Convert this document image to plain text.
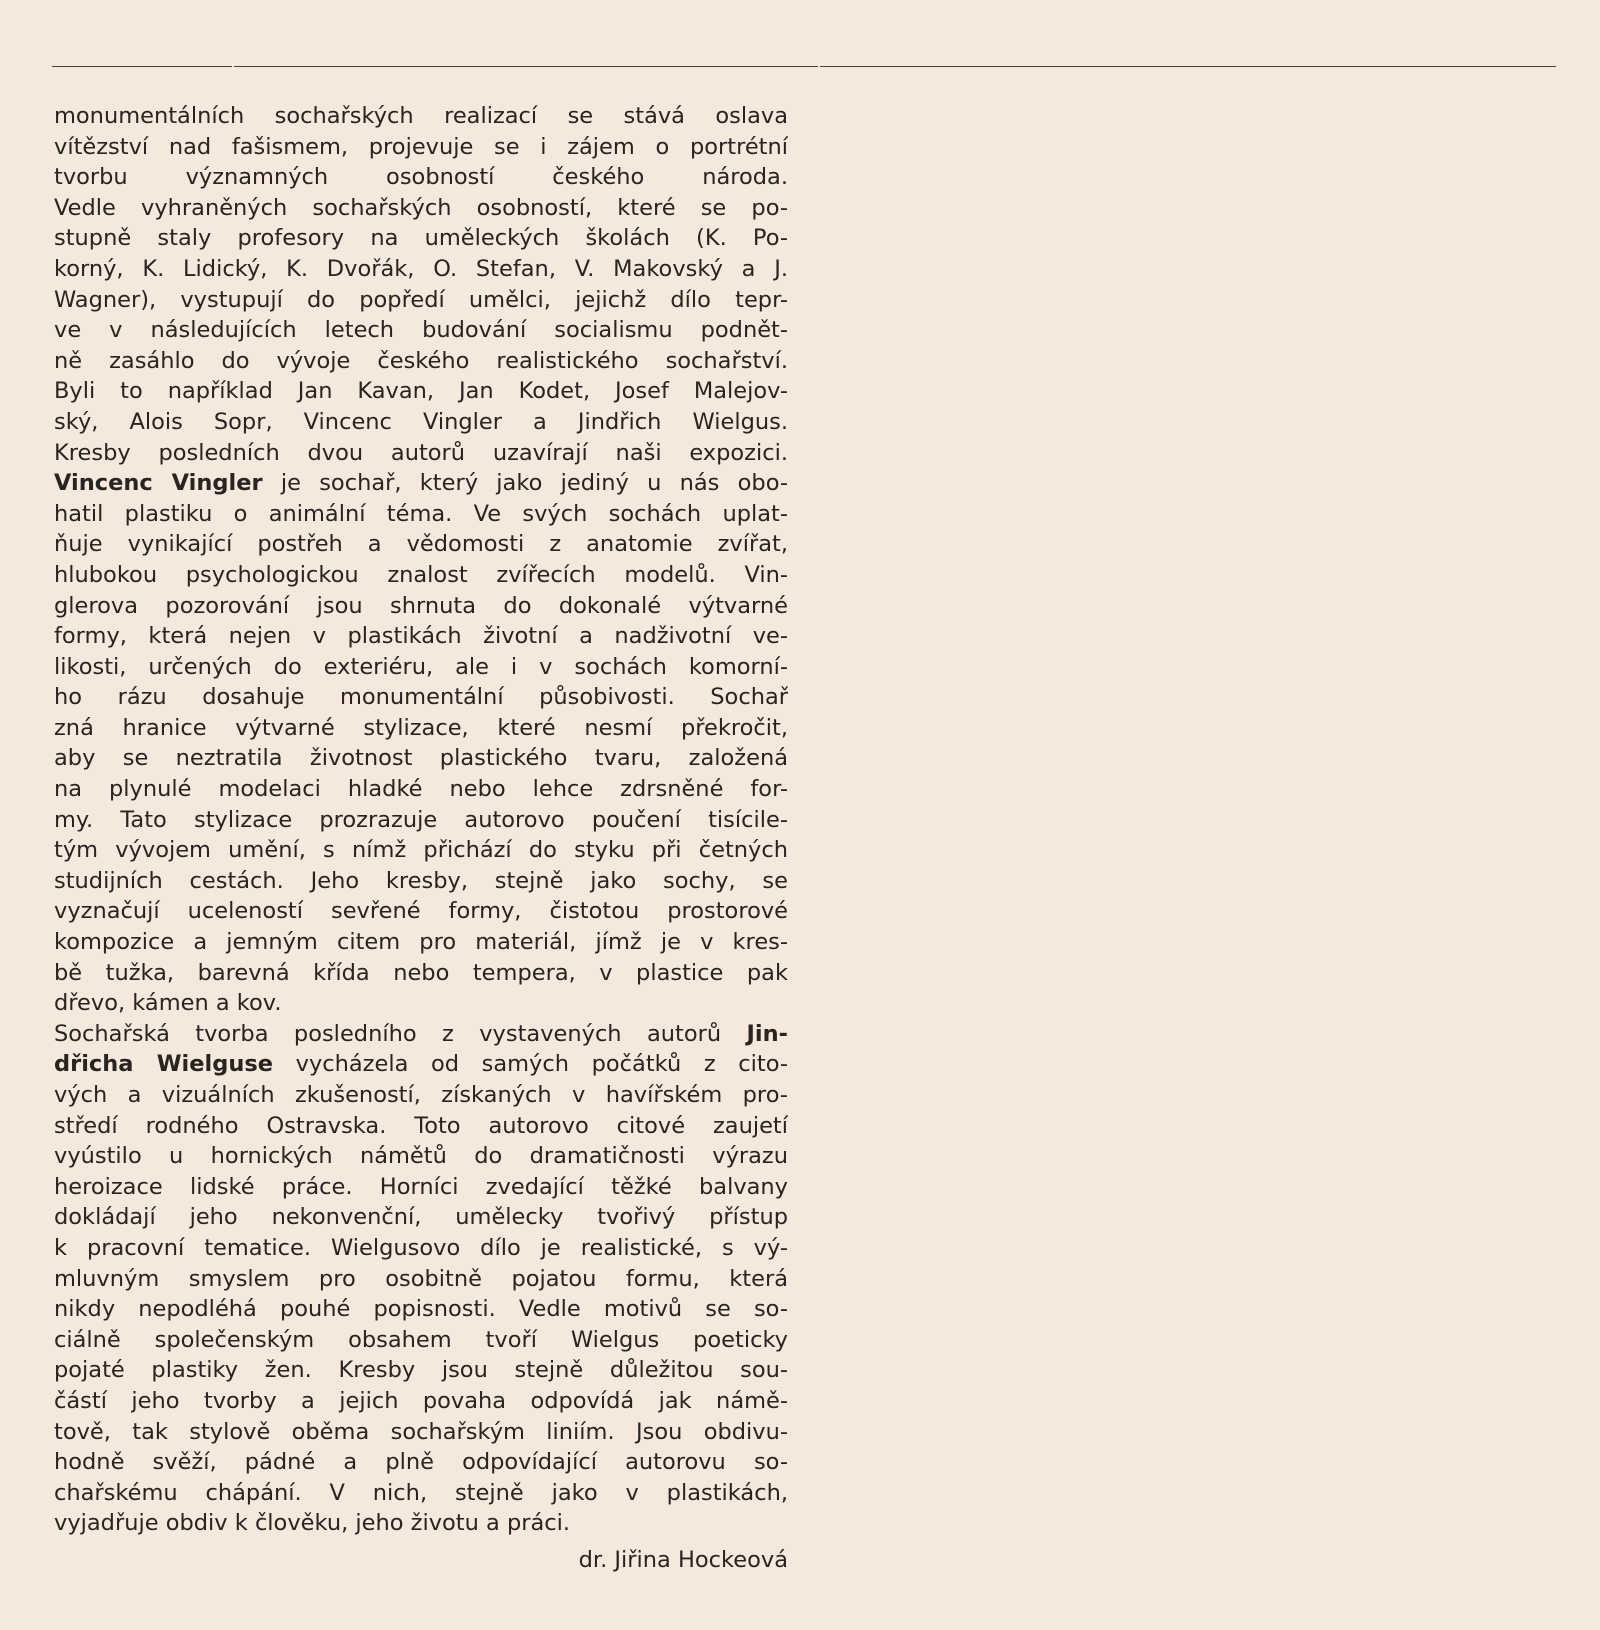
monumentálních sochařských realizací se stává oslava
vítězství nad fašismem, projevuje se i zájem o portrétní
tvorbu významných osobností českého národa.
Vedle vyhraněných sochařských osobností, které se po-
stupně staly profesory na uměleckých školách (K. Po-
korný, K. Lidický, K. Dvořák, O. Stefan, V. Makovský a J.
Wagner), vystupují do popředí umělci, jejichž dílo tepr-
ve v následujících letech budování socialismu podnět-
ně zasáhlo do vývoje českého realistického sochařství.
Byli to například Jan Kavan, Jan Kodet, Josef Malejov-
ský, Alois Sopr, Vincenc Vingler a Jindřich Wielgus.
Kresby posledních dvou autorů uzavírají naši expozici.
Vincenc Vingler je sochař, který jako jediný u nás obo-
hatil plastiku o animální téma. Ve svých sochách uplat-
ňuje vynikající postřeh a vědomosti z anatomie zvířat,
hlubokou psychologickou znalost zvířecích modelů. Vin-
glerova pozorování jsou shrnuta do dokonalé výtvarné
formy, která nejen v plastikách životní a nadživotní ve-
likosti, určených do exteriéru, ale i v sochách komorní-
ho rázu dosahuje monumentální působivosti. Sochař
zná hranice výtvarné stylizace, které nesmí překročit,
aby se neztratila životnost plastického tvaru, založená
na plynulé modelaci hladké nebo lehce zdrsněné for-
my. Tato stylizace prozrazuje autorovo poučení tisícile-
tým vývojem umění, s nímž přichází do styku při četných
studijních cestách. Jeho kresby, stejně jako sochy, se
vyznačují uceleností sevřené formy, čistotou prostorové
kompozice a jemným citem pro materiál, jímž je v kres-
bě tužka, barevná křída nebo tempera, v plastice pak
dřevo, kámen a kov.
Sochařská tvorba posledního z vystavených autorů Jin-
dřicha Wielguse vycházela od samých počátků z cito-
vých a vizuálních zkušeností, získaných v havířském pro-
středí rodného Ostravska. Toto autorovo citové zaujetí
vyústilo u hornických námětů do dramatičnosti výrazu
heroizace lidské práce. Horníci zvedající těžké balvany
dokládají jeho nekonvenční, umělecky tvořivý přístup
k pracovní tematice. Wielgusovo dílo je realistické, s vý-
mluvným smyslem pro osobitně pojatou formu, která
nikdy nepodléhá pouhé popisnosti. Vedle motivů se so-
ciálně společenským obsahem tvoří Wielgus poeticky
pojaté plastiky žen. Kresby jsou stejně důležitou sou-
částí jeho tvorby a jejich povaha odpovídá jak námě-
tově, tak stylově oběma sochařským liniím. Jsou obdivu-
hodně svěží, pádné a plně odpovídající autorovu so-
chařskému chápání. V nich, stejně jako v plastikách,
vyjadřuje obdiv k člověku, jeho životu a práci.
dr. Jiřina Hockeová
